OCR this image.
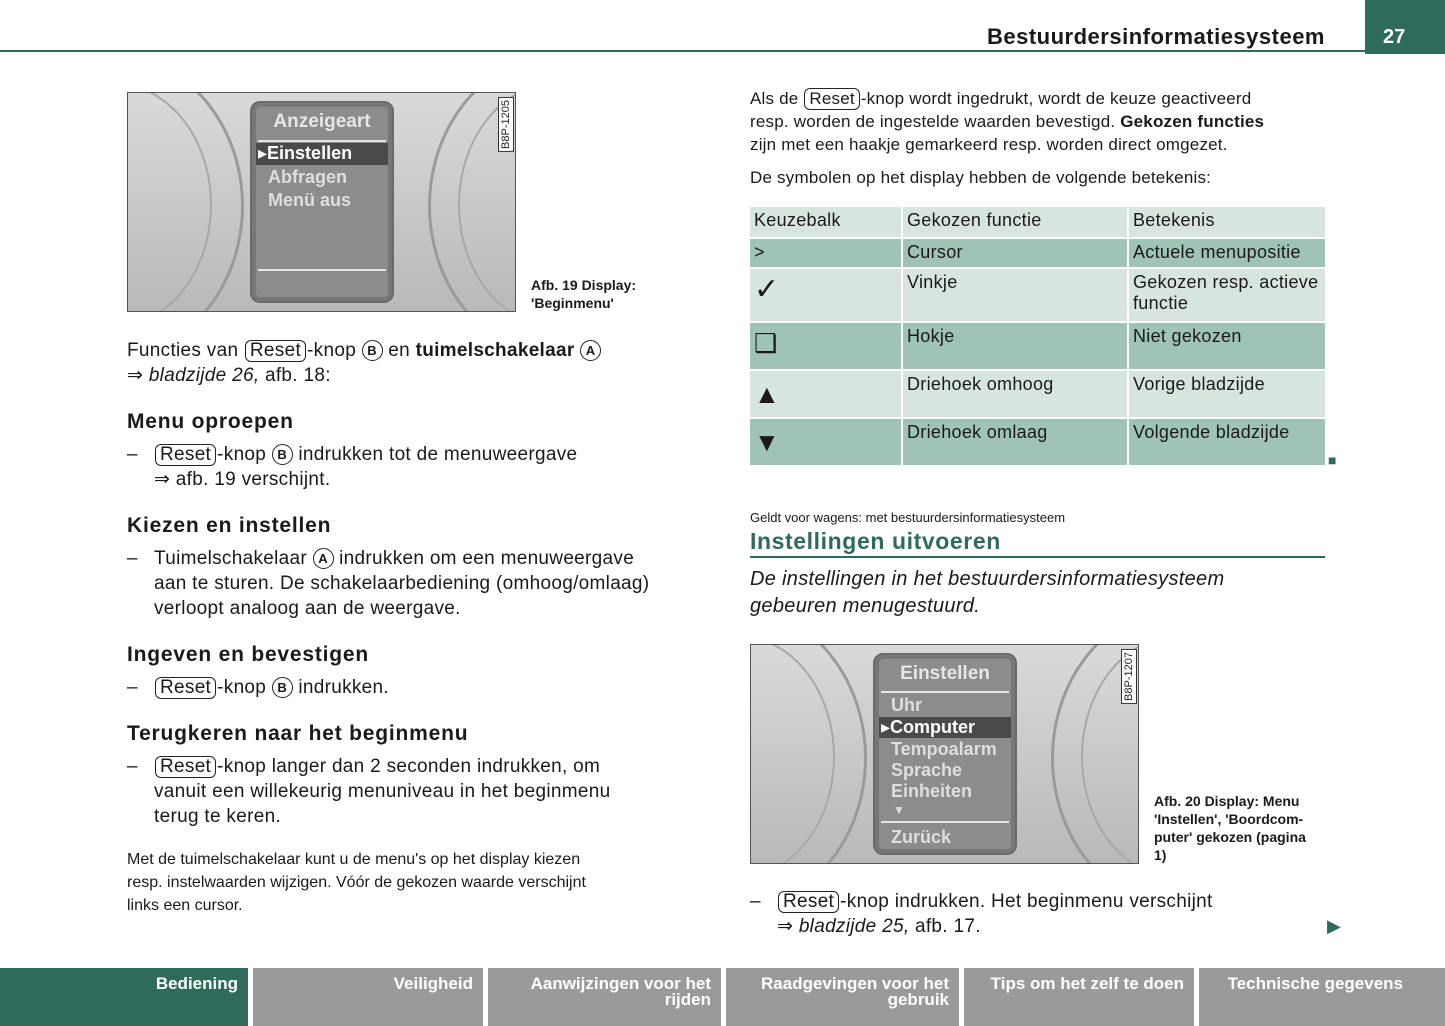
Bestuurdersinformatiesysteem	27
Anzeigeart
▸Einstellen
Abfragen
Menü aus
B8P-1205
Afb. 19 Display:
'Beginmenu'
Functies van Reset -knop B en tuimelschakelaar A
⇒ bladzijde 26, afb. 18:
Menu oproepen
– Reset -knop B indrukken tot de menuweergave
⇒ afb. 19 verschijnt.
Kiezen en instellen
– Tuimelschakelaar A indrukken om een menuweergave
aan te sturen. De schakelaarbediening (omhoog/omlaag)
verloopt analoog aan de weergave.
Ingeven en bevestigen
– Reset -knop B indrukken.
Terugkeren naar het beginmenu
– Reset -knop langer dan 2 seconden indrukken, om
vanuit een willekeurig menuniveau in het beginmenu
terug te keren.
Met de tuimelschakelaar kunt u de menu's op het display kiezen
resp. instelwaarden wijzigen. Vóór de gekozen waarde verschijnt
links een cursor.
Als de Reset -knop wordt ingedrukt, wordt de keuze geactiveerd
resp. worden de ingestelde waarden bevestigd. Gekozen functies
zijn met een haakje gemarkeerd resp. worden direct omgezet.
De symbolen op het display hebben de volgende betekenis:
Keuzebalk	Gekozen functie	Betekenis
>	Cursor	Actuele menupositie
✓	Vinkje	Gekozen resp. actieve
functie

❑	Hokje	Niet gekozen
▲	Driehoek omhoog	Vorige bladzijde
▼	Driehoek omlaag	Volgende bladzijde
■
Geldt voor wagens: met bestuurdersinformatiesysteem
Instellingen uitvoeren
De instellingen in het bestuurdersinformatiesysteem
gebeuren menugestuurd.
Einstellen
Uhr
▸Computer
Tempoalarm
Sprache
Einheiten
▼
Zurück
B8P-1207
Afb. 20 Display: Menu
'Instellen', 'Boordcom-
puter' gekozen (pagina
1)
– Reset -knop indrukken. Het beginmenu verschijnt
⇒ bladzijde 25, afb. 17.	▶
Bediening	Veiligheid	Aanwijzingen voor het rijden
Raadgevingen voor het gebruik
Tips om het zelf te doen	Technische gegevens
